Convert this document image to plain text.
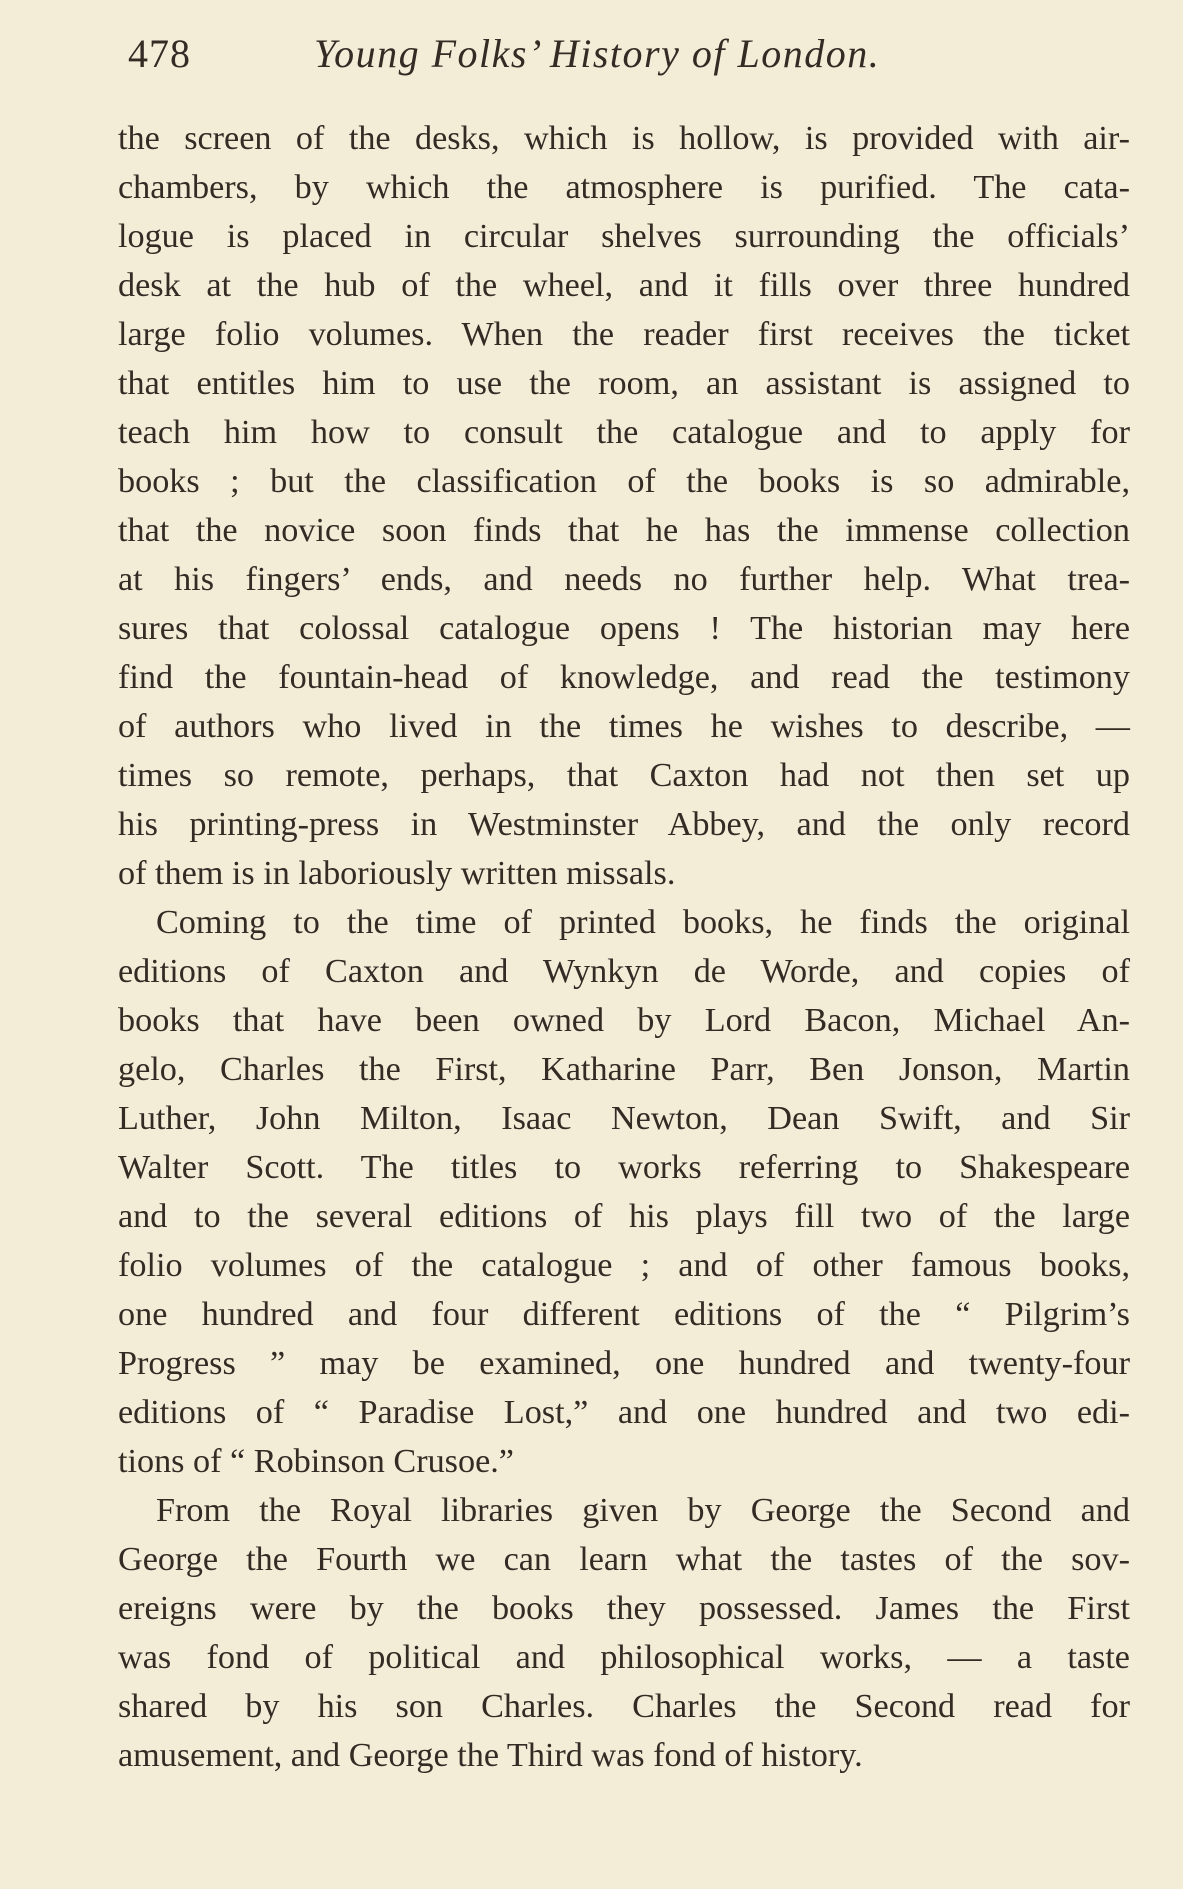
478	Young Folks’ History of London.
the screen of the desks, which is hollow, is provided with air-
chambers, by which the atmosphere is purified. The cata-
logue is placed in circular shelves surrounding the officials’
desk at the hub of the wheel, and it fills over three hundred
large folio volumes. When the reader first receives the ticket
that entitles him to use the room, an assistant is assigned to
teach him how to consult the catalogue and to apply for
books ; but the classification of the books is so admirable,
that the novice soon finds that he has the immense collection
at his fingers’ ends, and needs no further help. What trea-
sures that colossal catalogue opens ! The historian may here
find the fountain-head of knowledge, and read the testimony
of authors who lived in the times he wishes to describe, —
times so remote, perhaps, that Caxton had not then set up
his printing-press in Westminster Abbey, and the only record
of them is in laboriously written missals.
Coming to the time of printed books, he finds the original
editions of Caxton and Wynkyn de Worde, and copies of
books that have been owned by Lord Bacon, Michael An-
gelo, Charles the First, Katharine Parr, Ben Jonson, Martin
Luther, John Milton, Isaac Newton, Dean Swift, and Sir
Walter Scott. The titles to works referring to Shakespeare
and to the several editions of his plays fill two of the large
folio volumes of the catalogue ; and of other famous books,
one hundred and four different editions of the “ Pilgrim’s
Progress ” may be examined, one hundred and twenty-four
editions of “ Paradise Lost,” and one hundred and two edi-
tions of “ Robinson Crusoe.”
From the Royal libraries given by George the Second and
George the Fourth we can learn what the tastes of the sov-
ereigns were by the books they possessed. James the First
was fond of political and philosophical works, — a taste
shared by his son Charles. Charles the Second read for
amusement, and George the Third was fond of history.
